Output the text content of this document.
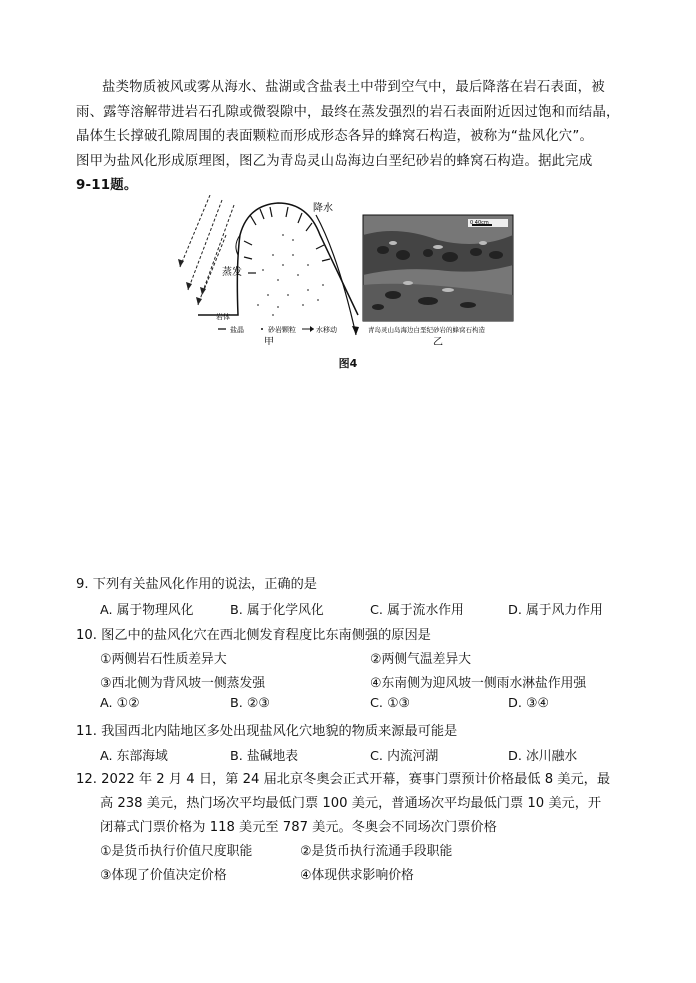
盐类物质被风或雾从海水、盐湖或含盐表土中带到空气中，最后降落在岩石表面，被
雨、露等溶解带进岩石孔隙或微裂隙中，最终在蒸发强烈的岩石表面附近因过饱和而结晶，
晶体生长撑破孔隙周围的表面颗粒而形成形态各异的蜂窝石构造，被称为“盐风化穴”。
图甲为盐风化形成原理图，图乙为青岛灵山岛海边白垩纪砂岩的蜂窝石构造。据此完成
9-11题。
降水
蒸发
岩体
盐晶	砂岩颗粒	水移动
甲
0 40cm
青岛灵山岛海边白垩纪砂岩的蜂窝石构造
乙
图4
9. 下列有关盐风化作用的说法，正确的是
A. 属于物理风化	B. 属于化学风化	C. 属于流水作用	D. 属于风力作用
10. 图乙中的盐风化穴在西北侧发育程度比东南侧强的原因是
①两侧岩石性质差异大	②两侧气温差异大
③西北侧为背风坡一侧蒸发强	④东南侧为迎风坡一侧雨水淋盐作用强
A. ①②	B. ②③	C. ①③	D. ③④
11. 我国西北内陆地区多处出现盐风化穴地貌的物质来源最可能是
A. 东部海域	B. 盐碱地表	C. 内流河湖	D. 冰川融水
12. 2022 年 2 月 4 日，第 24 届北京冬奥会正式开幕，赛事门票预计价格最低 8 美元，最
高 238 美元，热门场次平均最低门票 100 美元，普通场次平均最低门票 10 美元，开
闭幕式门票价格为 118 美元至 787 美元。冬奥会不同场次门票价格
①是货币执行价值尺度职能	②是货币执行流通手段职能
③体现了价值决定价格	④体现供求影响价格
